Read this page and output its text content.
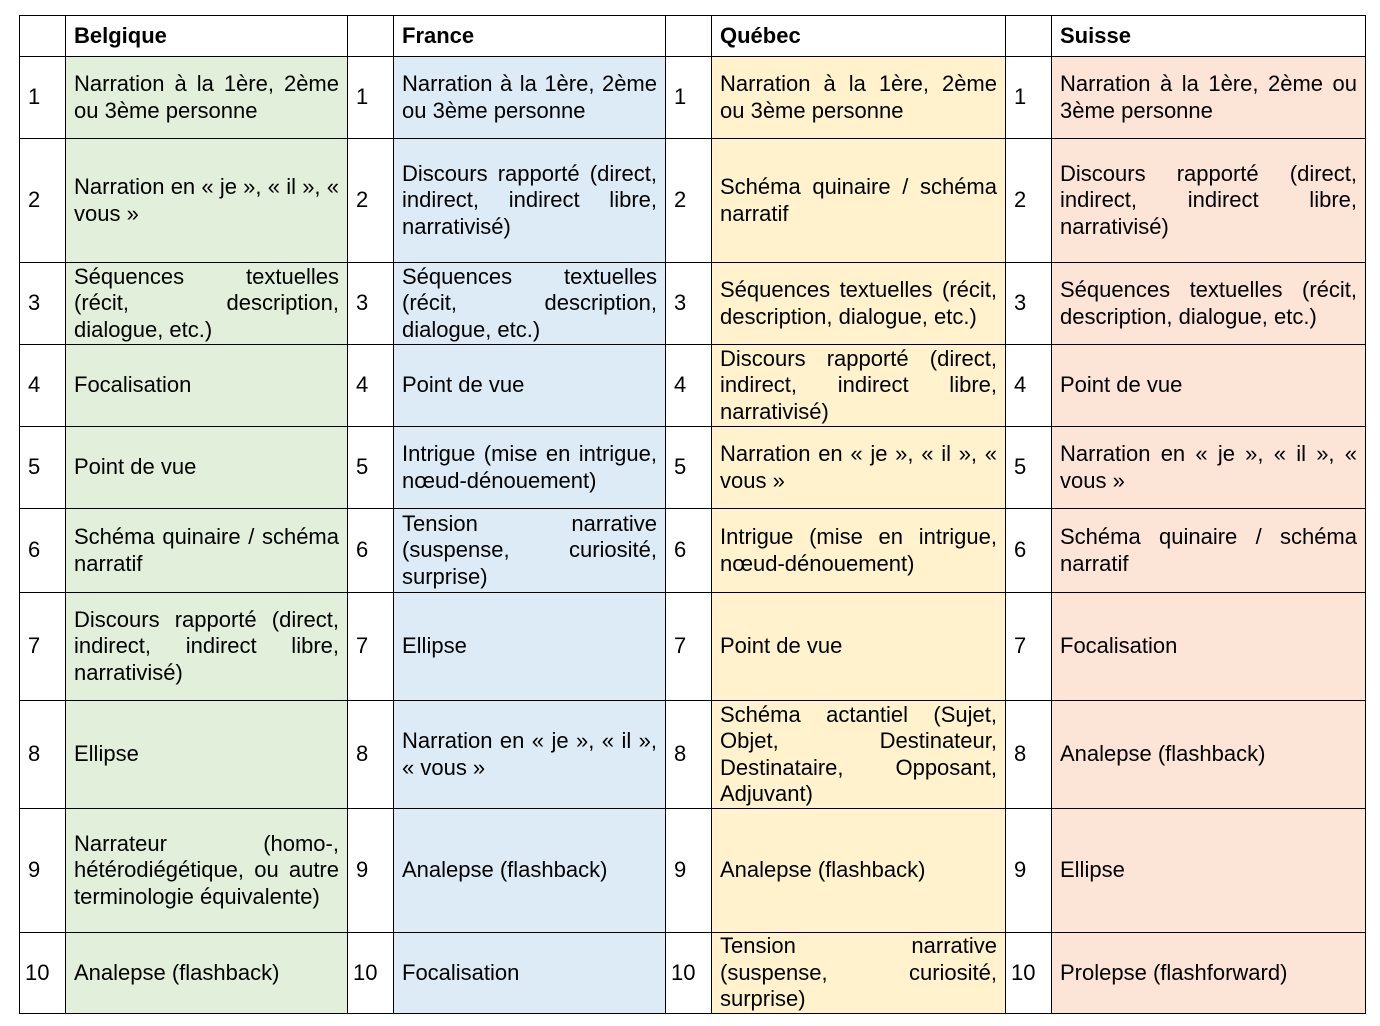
	Belgique		France		Québec		Suisse
1	Narration à la 1ère, 2ème ou 3ème personne	1	Narration à la 1ère, 2ème ou 3ème personne	1	Narration à la 1ère, 2ème ou 3ème personne	1	Narration à la 1ère, 2ème ou 3ème personne
2	Narration en « je », « il », « vous »	2	Discours rapporté (direct, indirect, indirect libre, narrativisé)	2	Schéma quinaire / schéma narratif	2	Discours rapporté (direct, indirect, indirect libre, narrativisé)
3	Séquences textuelles (récit, description, dialogue, etc.)	3	Séquences textuelles (récit, description, dialogue, etc.)	3	Séquences textuelles (récit, description, dialogue, etc.)	3	Séquences textuelles (récit, description, dialogue, etc.)
4	Focalisation	4	Point de vue	4	Discours rapporté (direct, indirect, indirect libre, narrativisé)	4	Point de vue
5	Point de vue	5	Intrigue (mise en intrigue, nœud-dénouement)	5	Narration en « je », « il », « vous »	5	Narration en « je », « il », « vous »
6	Schéma quinaire / schéma narratif	6	Tension narrative (suspense, curiosité, surprise)	6	Intrigue (mise en intrigue, nœud-dénouement)	6	Schéma quinaire / schéma narratif
7	Discours rapporté (direct, indirect, indirect libre, narrativisé)	7	Ellipse	7	Point de vue	7	Focalisation
8	Ellipse	8	Narration en « je », « il », « vous »	8	Schéma actantiel (Sujet, Objet, Destinateur, Destinataire, Opposant, Adjuvant)	8	Analepse (flashback)
9	Narrateur (homo-, hétérodiégétique, ou autre terminologie équivalente)	9	Analepse (flashback)	9	Analepse (flashback)	9	Ellipse
10	Analepse (flashback)	10	Focalisation	10	Tension narrative (suspense, curiosité, surprise)	10	Prolepse (flashforward)
